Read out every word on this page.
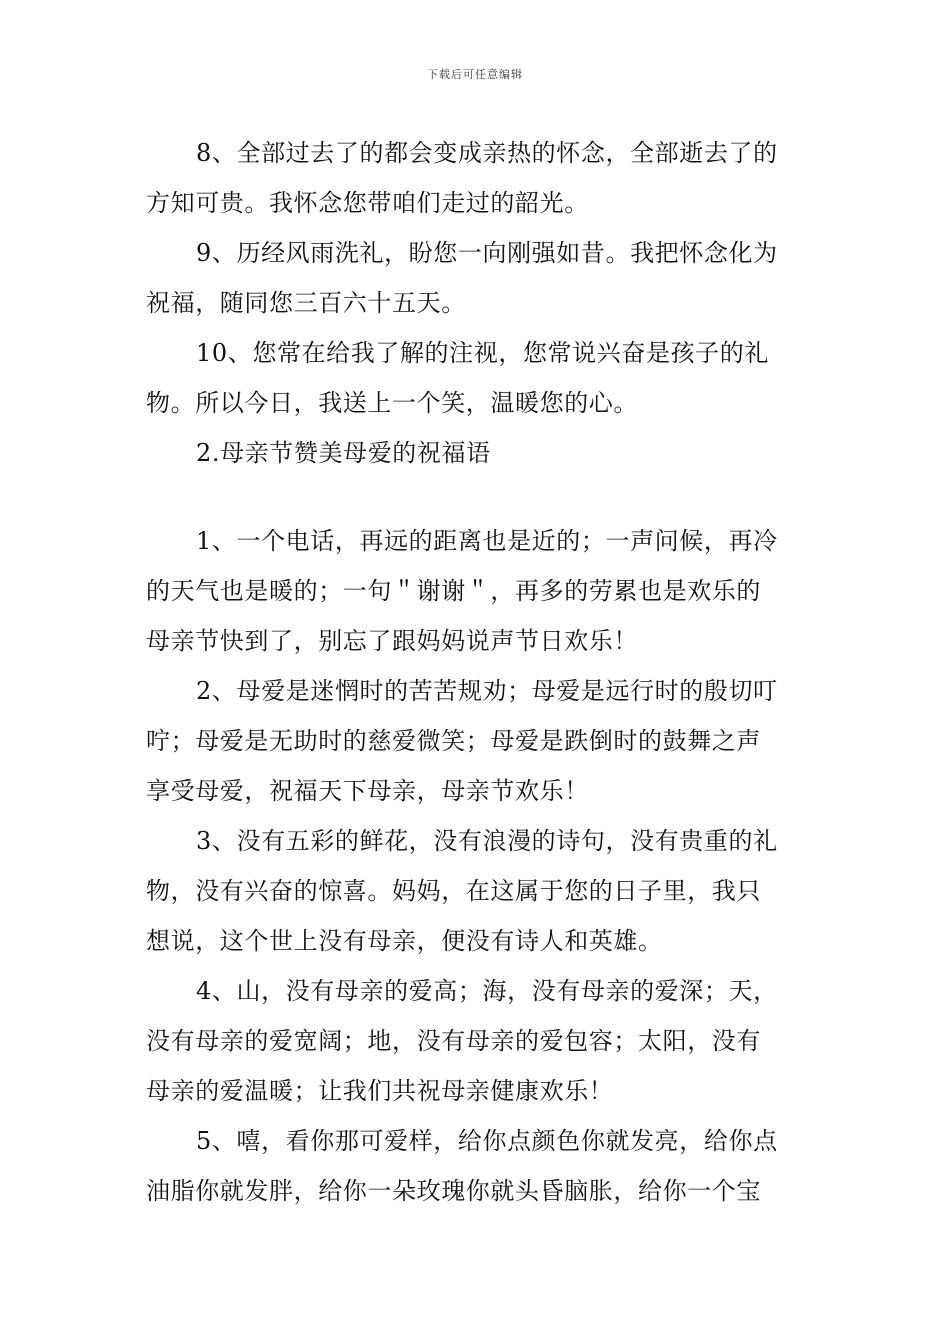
下载后可任意编辑
8、全部过去了的都会变成亲热的怀念，全部逝去了的
方知可贵。我怀念您带咱们走过的韶光。
9、历经风雨洗礼，盼您一向刚强如昔。我把怀念化为
祝福，随同您三百六十五天。
10、您常在给我了解的注视，您常说兴奋是孩子的礼
物。所以今日，我送上一个笑，温暖您的心。
2.母亲节赞美母爱的祝福语
1、一个电话，再远的距离也是近的；一声问候，再冷
的天气也是暖的；一句＂谢谢＂，再多的劳累也是欢乐的
母亲节快到了，别忘了跟妈妈说声节日欢乐！
2、母爱是迷惘时的苦苦规劝；母爱是远行时的殷切叮
咛；母爱是无助时的慈爱微笑；母爱是跌倒时的鼓舞之声
享受母爱，祝福天下母亲，母亲节欢乐！
3、没有五彩的鲜花，没有浪漫的诗句，没有贵重的礼
物，没有兴奋的惊喜。妈妈，在这属于您的日子里，我只
想说，这个世上没有母亲，便没有诗人和英雄。
4、山，没有母亲的爱高；海，没有母亲的爱深；天，
没有母亲的爱宽阔；地，没有母亲的爱包容；太阳，没有
母亲的爱温暖；让我们共祝母亲健康欢乐！
5、嘻，看你那可爱样，给你点颜色你就发亮，给你点
油脂你就发胖，给你一朵玫瑰你就头昏脑胀，给你一个宝
